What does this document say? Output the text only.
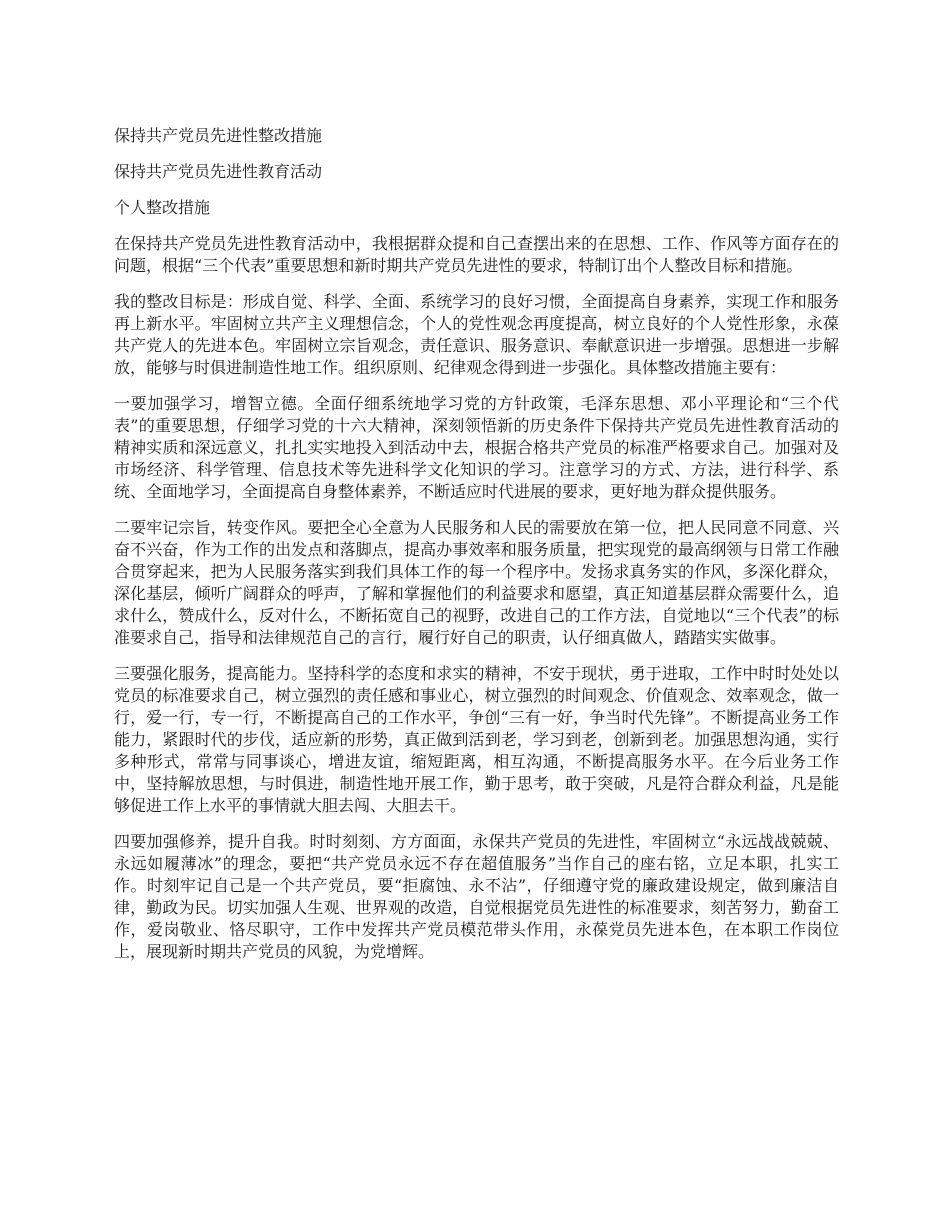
保持共产党员先进性整改措施
保持共产党员先进性教育活动
个人整改措施

在保持共产党员先进性教育活动中，我根据群众提和自己查摆出来的在思想、工作、作风等方面存在的问题，根据“三个代表”重要思想和新时期共产党员先进性的要求，特制订出个人整改目标和措施。

我的整改目标是：形成自觉、科学、全面、系统学习的良好习惯，全面提高自身素养，实现工作和服务再上新水平。牢固树立共产主义理想信念，个人的党性观念再度提高，树立良好的个人党性形象，永葆共产党人的先进本色。牢固树立宗旨观念，责任意识、服务意识、奉献意识进一步增强。思想进一步解放，能够与时俱进制造性地工作。组织原则、纪律观念得到进一步强化。具体整改措施主要有：

一要加强学习，增智立德。全面仔细系统地学习党的方针政策，毛泽东思想、邓小平理论和“三个代表”的重要思想，仔细学习党的十六大精神，深刻领悟新的历史条件下保持共产党员先进性教育活动的精神实质和深远意义，扎扎实实地投入到活动中去，根据合格共产党员的标准严格要求自己。加强对及市场经济、科学管理、信息技术等先进科学文化知识的学习。注意学习的方式、方法，进行科学、系统、全面地学习，全面提高自身整体素养，不断适应时代进展的要求，更好地为群众提供服务。

二要牢记宗旨，转变作风。要把全心全意为人民服务和人民的需要放在第一位，把人民同意不同意、兴奋不兴奋，作为工作的出发点和落脚点，提高办事效率和服务质量，把实现党的最高纲领与日常工作融合贯穿起来，把为人民服务落实到我们具体工作的每一个程序中。发扬求真务实的作风，多深化群众，深化基层，倾听广阔群众的呼声，了解和掌握他们的利益要求和愿望，真正知道基层群众需要什么，追求什么，赞成什么，反对什么，不断拓宽自己的视野，改进自己的工作方法，自觉地以“三个代表”的标准要求自己，指导和法律规范自己的言行，履行好自己的职责，认仔细真做人，踏踏实实做事。

三要强化服务，提高能力。坚持科学的态度和求实的精神，不安于现状，勇于进取，工作中时时处处以党员的标准要求自己，树立强烈的责任感和事业心，树立强烈的时间观念、价值观念、效率观念，做一行，爱一行，专一行，不断提高自己的工作水平，争创“三有一好，争当时代先锋”。不断提高业务工作能力，紧跟时代的步伐，适应新的形势，真正做到活到老，学习到老，创新到老。加强思想沟通，实行多种形式，常常与同事谈心，增进友谊，缩短距离，相互沟通，不断提高服务水平。在今后业务工作中，坚持解放思想，与时俱进，制造性地开展工作，勤于思考，敢于突破，凡是符合群众利益，凡是能够促进工作上水平的事情就大胆去闯、大胆去干。

四要加强修养，提升自我。时时刻刻、方方面面，永保共产党员的先进性，牢固树立“永远战战兢兢、永远如履薄冰”的理念，要把“共产党员永远不存在超值服务”当作自己的座右铭，立足本职，扎实工作。时刻牢记自己是一个共产党员，要“拒腐蚀、永不沾”，仔细遵守党的廉政建设规定，做到廉洁自律，勤政为民。切实加强人生观、世界观的改造，自觉根据党员先进性的标准要求，刻苦努力，勤奋工作，爱岗敬业、恪尽职守，工作中发挥共产党员模范带头作用，永葆党员先进本色，在本职工作岗位上，展现新时期共产党员的风貌，为党增辉。
